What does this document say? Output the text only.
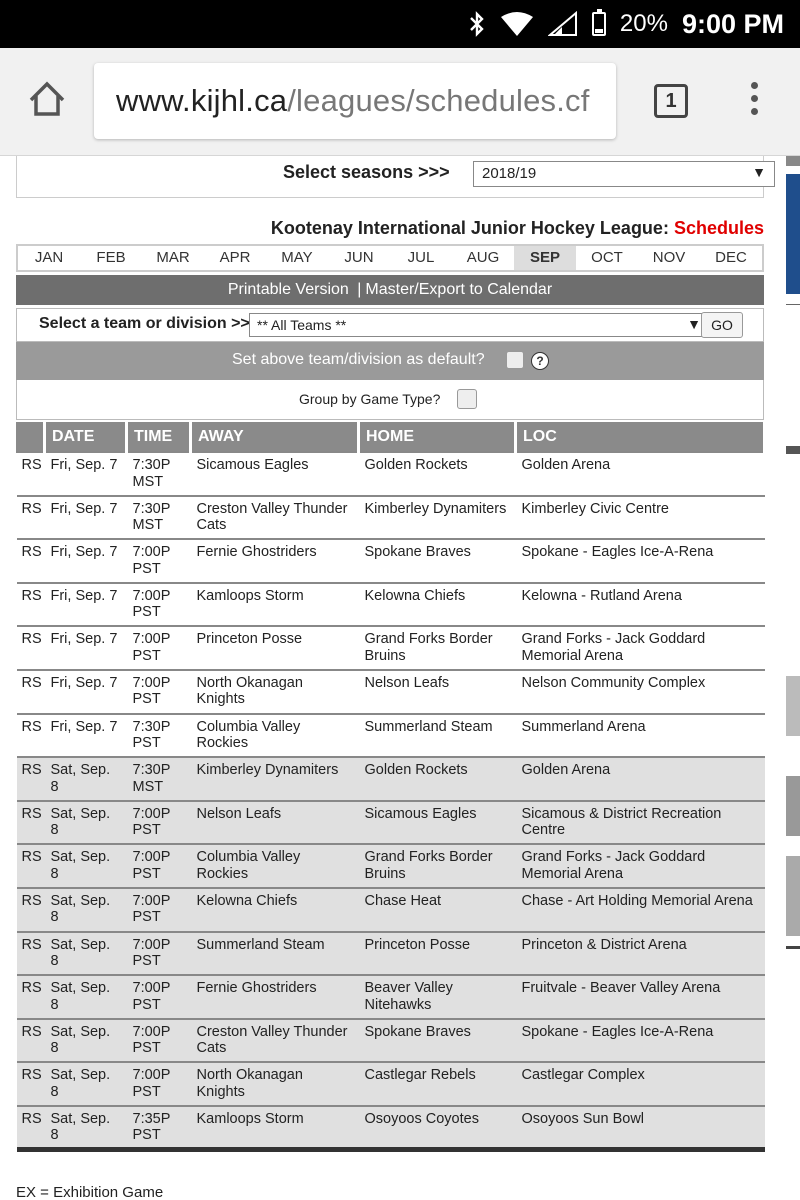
20% 9:00 PM
www.kijhl.ca/leagues/schedules.cf	1
Select seasons >>>	2018/19	▼
Kootenay International Junior Hockey League: Schedules
JAN	FEB	MAR	APR	MAY	JUN	JUL	AUG	SEP	OCT	NOV	DEC
Printable Version | Master/Export to Calendar
Select a team or division >> ** All Teams **	▼ GO
Set above team/division as default?	?
Group by Game Type?
	DATE	TIME	AWAY	HOME	LOC
RS	Fri, Sep. 7	7:30P MST	Sicamous Eagles	Golden Rockets	Golden Arena
RS	Fri, Sep. 7	7:30P MST	Creston Valley Thunder Cats	Kimberley Dynamiters	Kimberley Civic Centre
RS	Fri, Sep. 7	7:00P PST	Fernie Ghostriders	Spokane Braves	Spokane - Eagles Ice-A-Rena
RS	Fri, Sep. 7	7:00P PST	Kamloops Storm	Kelowna Chiefs	Kelowna - Rutland Arena
RS	Fri, Sep. 7	7:00P PST	Princeton Posse	Grand Forks Border Bruins	Grand Forks - Jack Goddard Memorial Arena
RS	Fri, Sep. 7	7:00P PST	North Okanagan Knights	Nelson Leafs	Nelson Community Complex
RS	Fri, Sep. 7	7:30P PST	Columbia Valley Rockies	Summerland Steam	Summerland Arena
RS	Sat, Sep. 8	7:30P MST	Kimberley Dynamiters	Golden Rockets	Golden Arena
RS	Sat, Sep. 8	7:00P PST	Nelson Leafs	Sicamous Eagles	Sicamous & District Recreation Centre
RS	Sat, Sep. 8	7:00P PST	Columbia Valley Rockies	Grand Forks Border Bruins	Grand Forks - Jack Goddard Memorial Arena
RS	Sat, Sep. 8	7:00P PST	Kelowna Chiefs	Chase Heat	Chase - Art Holding Memorial Arena
RS	Sat, Sep. 8	7:00P PST	Summerland Steam	Princeton Posse	Princeton & District Arena
RS	Sat, Sep. 8	7:00P PST	Fernie Ghostriders	Beaver Valley Nitehawks	Fruitvale - Beaver Valley Arena
RS	Sat, Sep. 8	7:00P PST	Creston Valley Thunder Cats	Spokane Braves	Spokane - Eagles Ice-A-Rena
RS	Sat, Sep. 8	7:00P PST	North Okanagan Knights	Castlegar Rebels	Castlegar Complex
RS	Sat, Sep. 8	7:35P PST	Kamloops Storm	Osoyoos Coyotes	Osoyoos Sun Bowl
EX = Exhibition Game
